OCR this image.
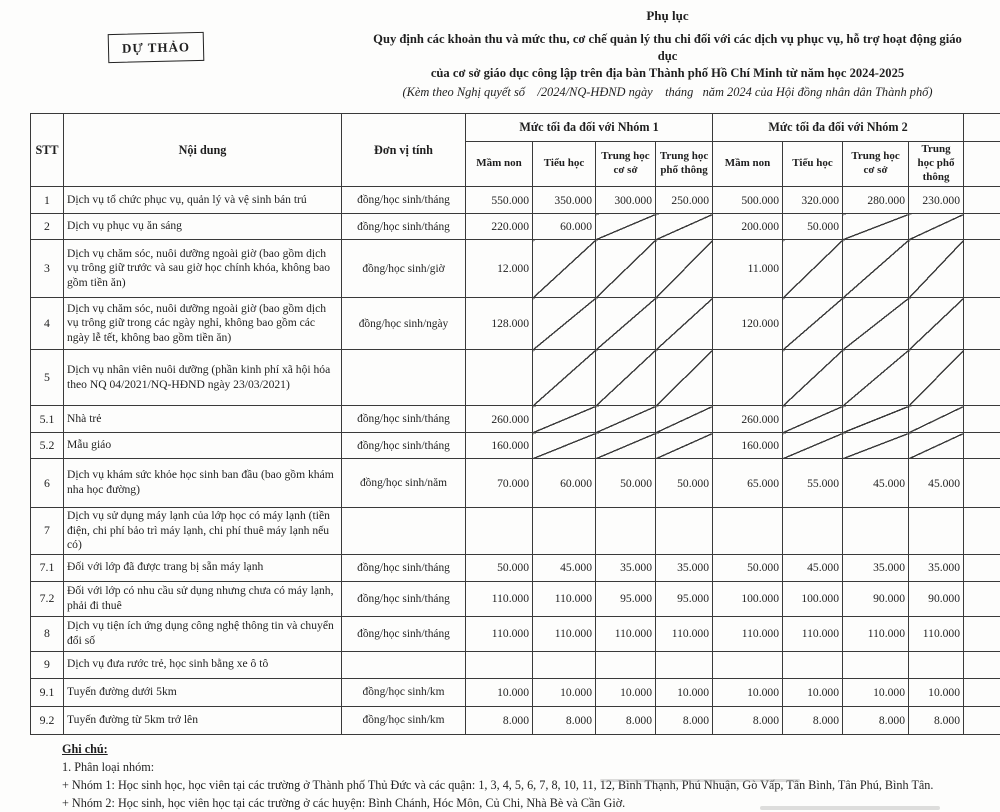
Phụ lục
Quy định các khoản thu và mức thu, cơ chế quản lý thu chi đối với các dịch vụ phục vụ, hỗ trợ hoạt động giáo dục
của cơ sở giáo dục công lập trên địa bàn Thành phố Hồ Chí Minh từ năm học 2024-2025
(Kèm theo Nghị quyết số    /2024/NQ-HĐND ngày    tháng   năm 2024 của Hội đồng nhân dân Thành phố)
DỰ THẢO
STT	Nội dung	Đơn vị tính	Mức tối đa đối với Nhóm 1				Mức tối đa đối với Nhóm 2				
			Mầm non	Tiểu học	Trung học cơ sở	Trung học phổ thông	Mầm non	Tiểu học	Trung học cơ sở	Trung học phổ thông	
1	Dịch vụ tổ chức phục vụ, quản lý và vệ sinh bán trú	đồng/học sinh/tháng	550.000	350.000	300.000	250.000	500.000	320.000	280.000	230.000	
2	Dịch vụ phục vụ ăn sáng	đồng/học sinh/tháng	220.000	60.000			200.000	50.000			
3	Dịch vụ chăm sóc, nuôi dưỡng ngoài giờ (bao gồm dịch vụ trông giữ trước và sau giờ học chính khóa, không bao gồm tiền ăn)	đồng/học sinh/giờ	12.000				11.000				
4	Dịch vụ chăm sóc, nuôi dưỡng ngoài giờ (bao gồm dịch vụ trông giữ trong các ngày nghỉ, không bao gồm các ngày lễ tết, không bao gồm tiền ăn)	đồng/học sinh/ngày	128.000				120.000				
5	Dịch vụ nhân viên nuôi dưỡng (phần kinh phí xã hội hóa theo NQ 04/2021/NQ-HĐND ngày 23/03/2021)										
5.1	Nhà trẻ	đồng/học sinh/tháng	260.000				260.000				
5.2	Mẫu giáo	đồng/học sinh/tháng	160.000				160.000				
6	Dịch vụ khám sức khỏe học sinh ban đầu (bao gồm khám nha học đường)	đồng/học sinh/năm	70.000	60.000	50.000	50.000	65.000	55.000	45.000	45.000	
7	Dịch vụ sử dụng máy lạnh của lớp học có máy lạnh (tiền điện, chi phí bảo trì máy lạnh, chi phí thuê máy lạnh nếu có)										
7.1	Đối với lớp đã được trang bị sẵn máy lạnh	đồng/học sinh/tháng	50.000	45.000	35.000	35.000	50.000	45.000	35.000	35.000	
7.2	Đối với lớp có nhu cầu sử dụng nhưng chưa có máy lạnh, phải đi thuê	đồng/học sinh/tháng	110.000	110.000	95.000	95.000	100.000	100.000	90.000	90.000	
8	Dịch vụ tiện ích ứng dụng công nghệ thông tin và chuyển đổi số	đồng/học sinh/tháng	110.000	110.000	110.000	110.000	110.000	110.000	110.000	110.000	
9	Dịch vụ đưa rước trẻ, học sinh bằng xe ô tô										
9.1	Tuyến đường dưới 5km	đồng/học sinh/km	10.000	10.000	10.000	10.000	10.000	10.000	10.000	10.000	
9.2	Tuyến đường từ 5km trở lên	đồng/học sinh/km	8.000	8.000	8.000	8.000	8.000	8.000	8.000	8.000	
Ghi chú:
1. Phân loại nhóm:
+ Nhóm 1: Học sinh học, học viên tại các trường ở Thành phố Thủ Đức và các quận: 1, 3, 4, 5, 6, 7, 8, 10, 11, 12, Bình Thạnh, Phú Nhuận, Gò Vấp, Tân Bình, Tân Phú, Bình Tân.
+ Nhóm 2: Học sinh, học viên học tại các trường ở các huyện: Bình Chánh, Hóc Môn, Củ Chi, Nhà Bè và Cần Giờ.
